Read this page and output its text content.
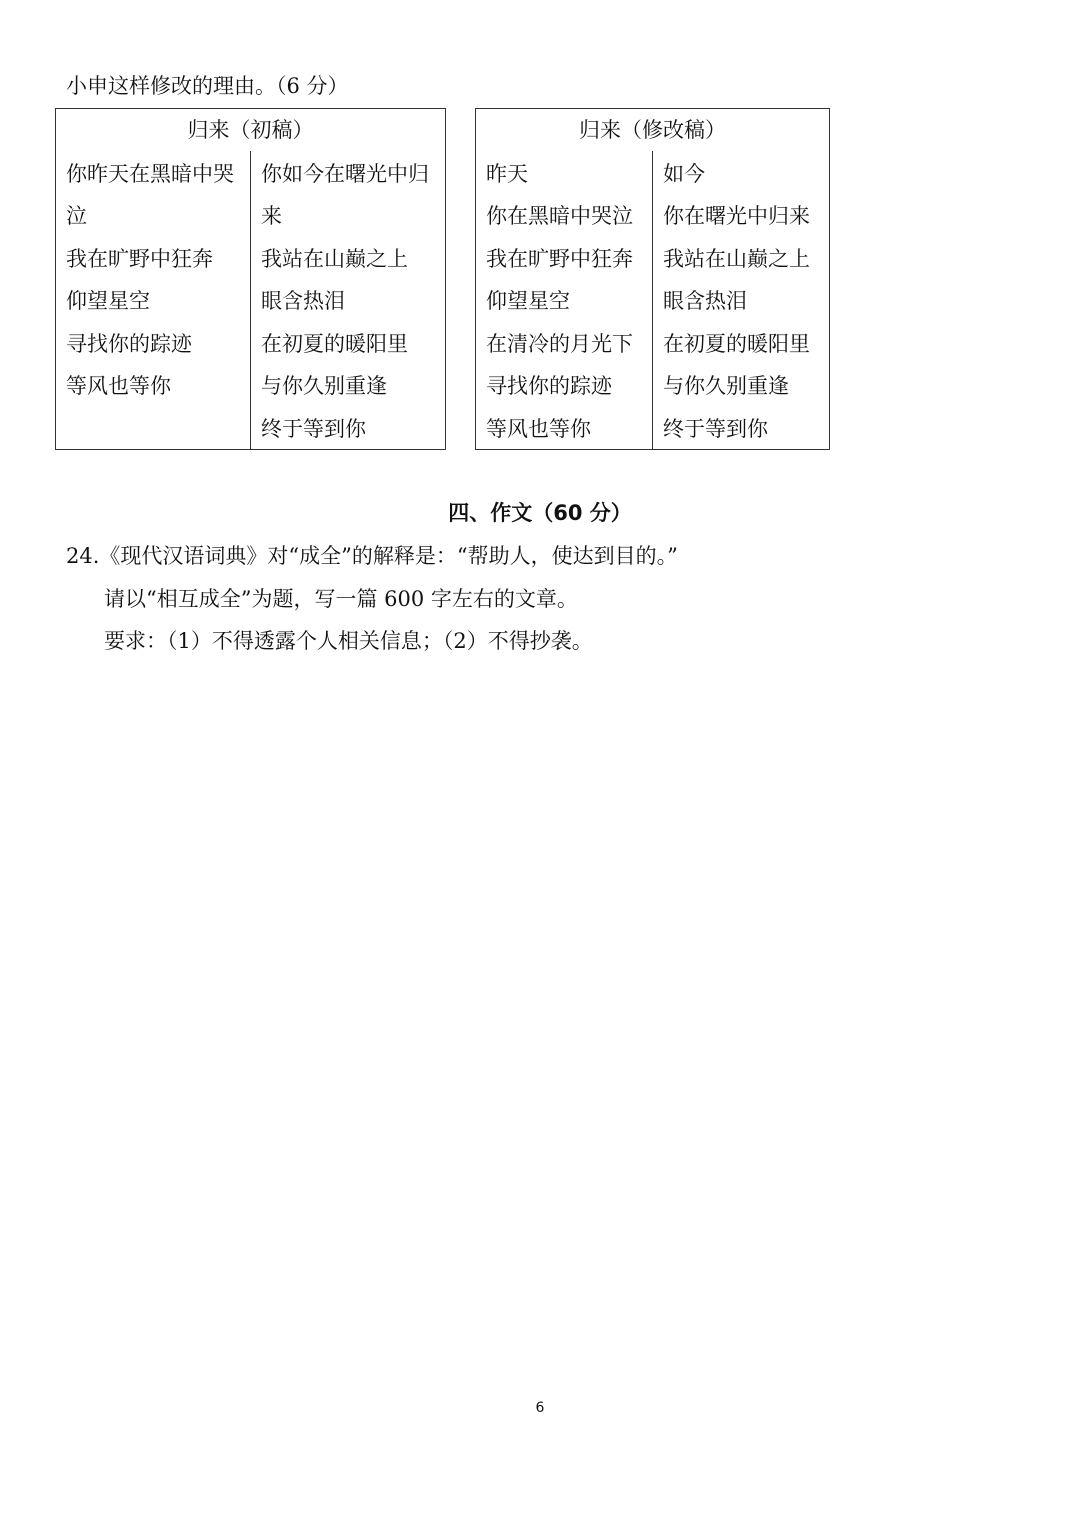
小申这样修改的理由。（6 分）
归来（初稿）
你昨天在黑暗中哭
泣
我在旷野中狂奔
仰望星空
寻找你的踪迹
等风也等你
你如今在曙光中归
来
我站在山巅之上
眼含热泪
在初夏的暖阳里
与你久别重逢
终于等到你
归来（修改稿）
昨天
你在黑暗中哭泣
我在旷野中狂奔
仰望星空
在清冷的月光下
寻找你的踪迹
等风也等你
如今
你在曙光中归来
我站在山巅之上
眼含热泪
在初夏的暖阳里
与你久别重逢
终于等到你
四、作文（60 分）
24.《现代汉语词典》对“成全”的解释是：“帮助人，使达到目的。”
请以“相互成全”为题，写一篇 600 字左右的文章。
要求：（1）不得透露个人相关信息；（2）不得抄袭。
6
